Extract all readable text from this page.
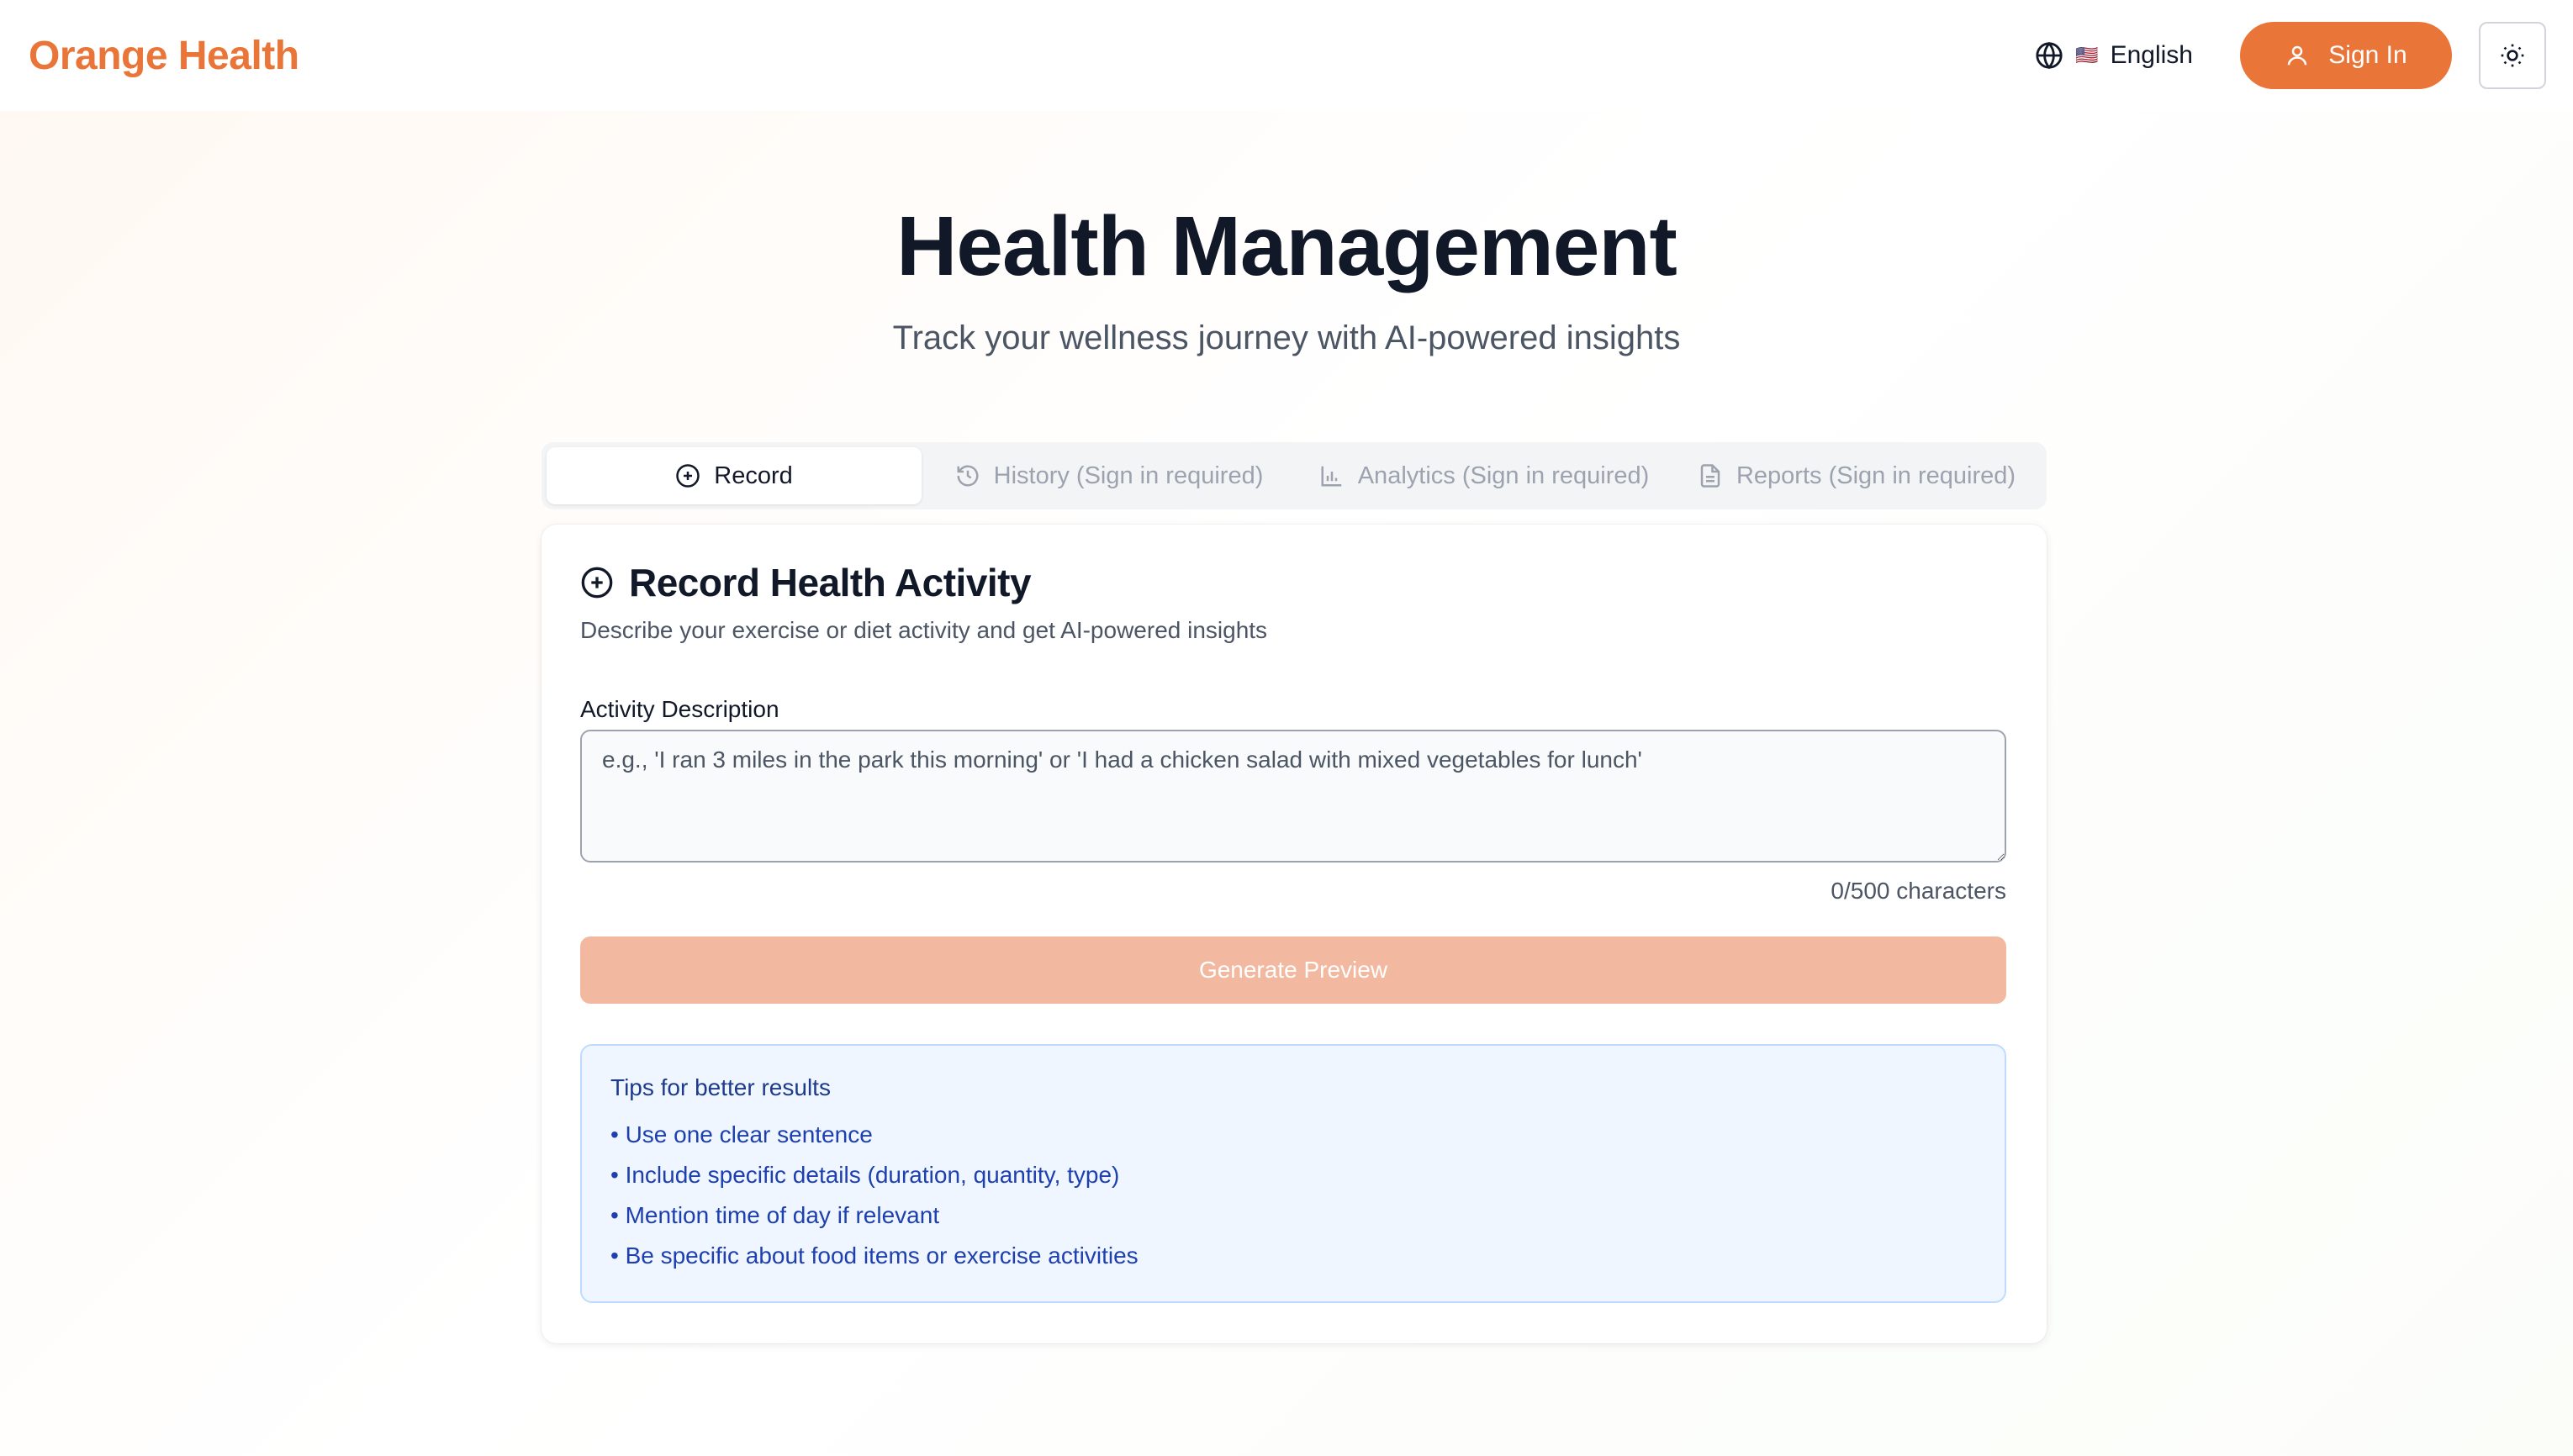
Orange Health	🇺🇸 English	Sign In
Health Management

Track your wellness journey with AI-powered insights

Record	History (Sign in required)	Analytics (Sign in required)	Reports (Sign in required)
Record Health Activity

Describe your exercise or diet activity and get AI-powered insights

Activity Description
e.g., 'I ran 3 miles in the park this morning' or 'I had a chicken salad with mixed vegetables for lunch'
0/500 characters
Generate Preview
Tips for better results
• Use one clear sentence
• Include specific details (duration, quantity, type)
• Mention time of day if relevant
• Be specific about food items or exercise activities
